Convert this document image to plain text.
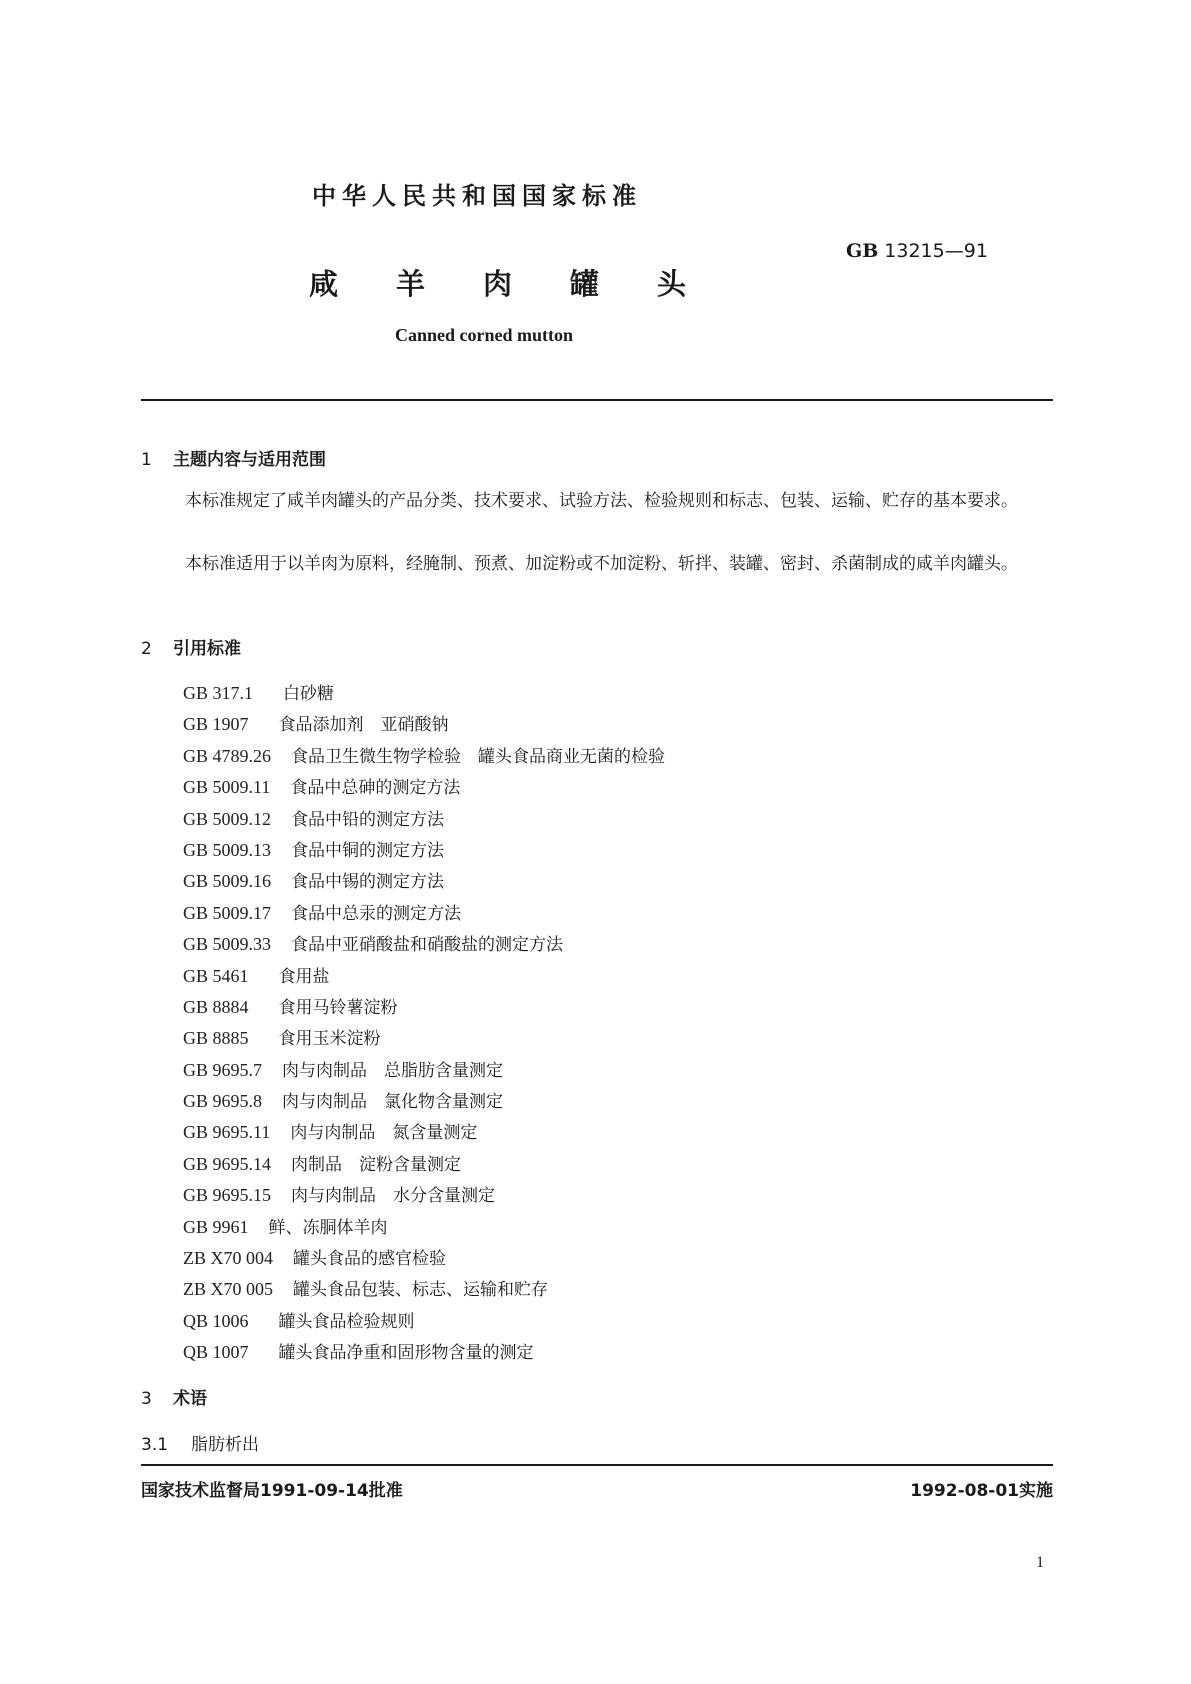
中华人民共和国国家标准
GB 13215—91
咸羊肉罐头
Canned corned mutton
1 主题内容与适用范围
本标准规定了咸羊肉罐头的产品分类、技术要求、试验方法、检验规则和标志、包装、运输、贮存的基本要求。
本标准适用于以羊肉为原料，经腌制、预煮、加淀粉或不加淀粉、斩拌、装罐、密封、杀菌制成的咸羊肉罐头。
2 引用标准
GB 317.1 白砂糖
GB 1907 食品添加剂　亚硝酸钠
GB 4789.26 食品卫生微生物学检验　罐头食品商业无菌的检验
GB 5009.11 食品中总砷的测定方法
GB 5009.12 食品中铅的测定方法
GB 5009.13 食品中铜的测定方法
GB 5009.16 食品中锡的测定方法
GB 5009.17 食品中总汞的测定方法
GB 5009.33 食品中亚硝酸盐和硝酸盐的测定方法
GB 5461 食用盐
GB 8884 食用马铃薯淀粉
GB 8885 食用玉米淀粉
GB 9695.7 肉与肉制品　总脂肪含量测定
GB 9695.8 肉与肉制品　氯化物含量测定
GB 9695.11 肉与肉制品　氮含量测定
GB 9695.14 肉制品　淀粉含量测定
GB 9695.15 肉与肉制品　水分含量测定
GB 9961 鲜、冻胴体羊肉
ZB X70 004 罐头食品的感官检验
ZB X70 005 罐头食品包装、标志、运输和贮存
QB 1006 罐头食品检验规则
QB 1007 罐头食品净重和固形物含量的测定
3 术语
3.1 脂肪析出
国家技术监督局1991-09-14批准	1992-08-01实施
1
